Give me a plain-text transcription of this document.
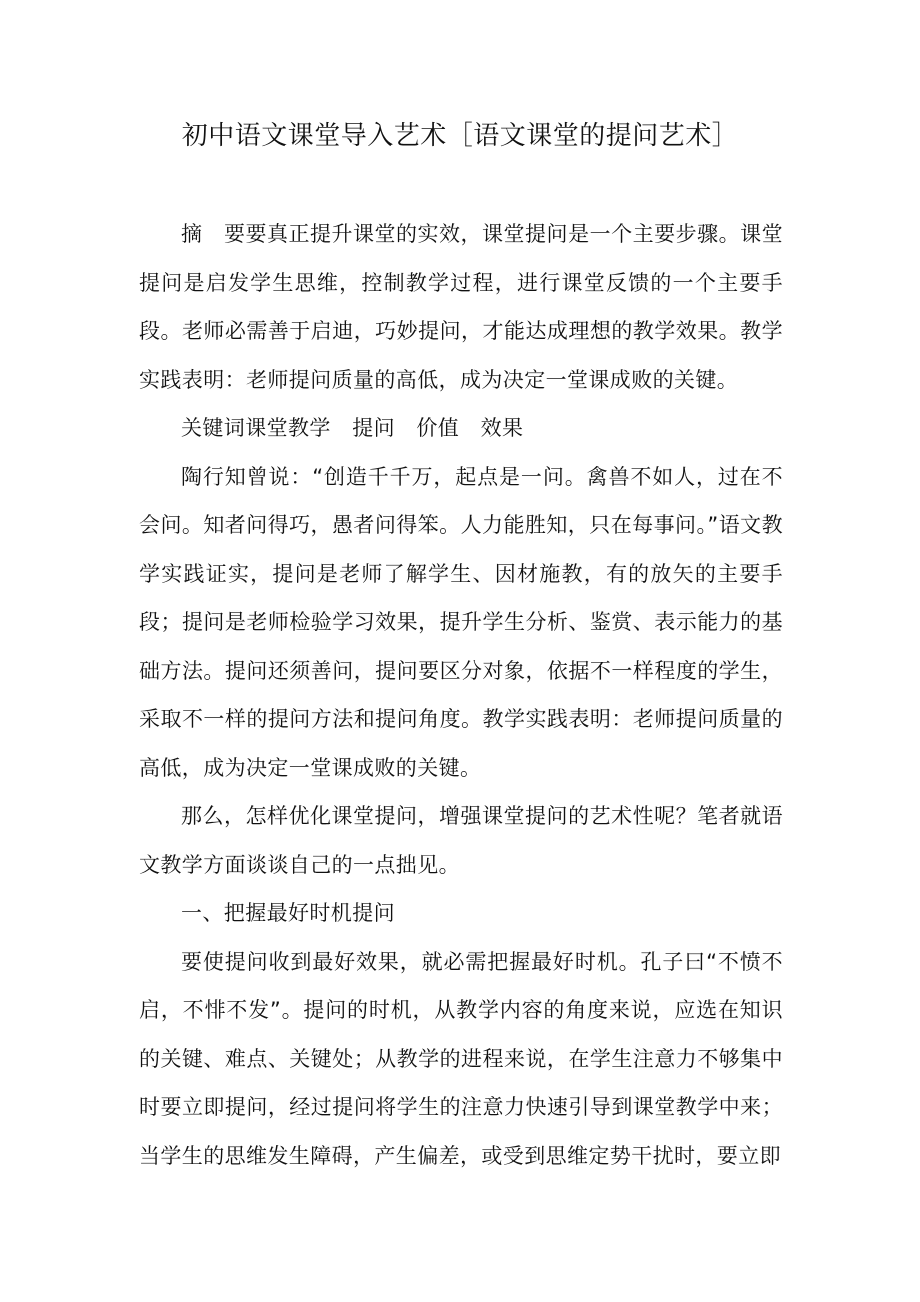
初中语文课堂导入艺术［语文课堂的提问艺术］

摘　要要真正提升课堂的实效，课堂提问是一个主要步骤。课堂提问是启发学生思维，控制教学过程，进行课堂反馈的一个主要手段。老师必需善于启迪，巧妙提问，才能达成理想的教学效果。教学实践表明：老师提问质量的高低，成为决定一堂课成败的关键。

关键词课堂教学　提问　价值　效果

陶行知曾说：“创造千千万，起点是一问。禽兽不如人，过在不会问。知者问得巧，愚者问得笨。人力能胜知，只在每事问。”语文教学实践证实，提问是老师了解学生、因材施教，有的放矢的主要手段；提问是老师检验学习效果，提升学生分析、鉴赏、表示能力的基础方法。提问还须善问，提问要区分对象，依据不一样程度的学生，采取不一样的提问方法和提问角度。教学实践表明：老师提问质量的高低，成为决定一堂课成败的关键。

那么，怎样优化课堂提问，增强课堂提问的艺术性呢？笔者就语文教学方面谈谈自己的一点拙见。

一、把握最好时机提问

要使提问收到最好效果，就必需把握最好时机。孔子曰“不愤不启，不悱不发”。提问的时机，从教学内容的角度来说，应选在知识的关键、难点、关键处；从教学的进程来说，在学生注意力不够集中时要立即提问，经过提问将学生的注意力快速引导到课堂教学中来；当学生的思维发生障碍，产生偏差，或受到思维定势干扰时，要立即
